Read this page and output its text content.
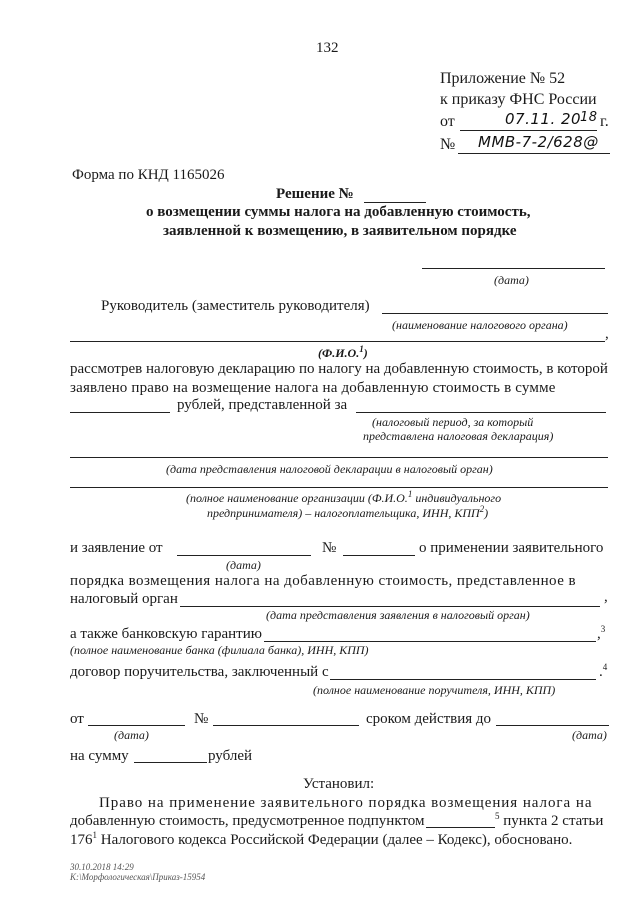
132
Приложение № 52
к приказу ФНС России
от	07.11. 20
18 г.
№ ММВ-7-2/628@
Форма по КНД 1165026
Решение №
о возмещении суммы налога на добавленную стоимость,
заявленной к возмещению, в заявительном порядке
(дата)
Руководитель (заместитель руководителя)
(наименование налогового органа)
,
(Ф.И.О.$^1$)
рассмотрев налоговую декларацию по налогу на добавленную стоимость, в которой
заявлено право на возмещение налога на добавленную стоимость в сумме
рублей, представленной за
(налоговый период, за который
представлена налоговая декларация)
(дата представления налоговой декларации в налоговый орган)
(полное наименование организации (Ф.И.О.$^1$ индивидуального
предпринимателя) – налогоплательщика, ИНН, КПП$^2$)
и заявление от
(дата)
№	о применении заявительного
порядка возмещения налога на добавленную стоимость, представленное в
налоговый орган	,
(дата представления заявления в налоговый орган)
а также банковскую гарантию	,$^3$
(полное наименование банка (филиала банка), ИНН, КПП)
договор поручительства, заключенный с	.$^4$
(полное наименование поручителя, ИНН, КПП)
от
(дата)
№	сроком действия до
(дата)
на сумму	рублей
Установил:
Право на применение заявительного порядка возмещения налога на
добавленную стоимость, предусмотренное подпунктом	$^5$ пункта 2 статьи
$176^1$ Налогового кодекса Российской Федерации (далее – Кодекс), обосновано.
30.10.2018 14:29
К:\Морфологическая\Приказ-15954
